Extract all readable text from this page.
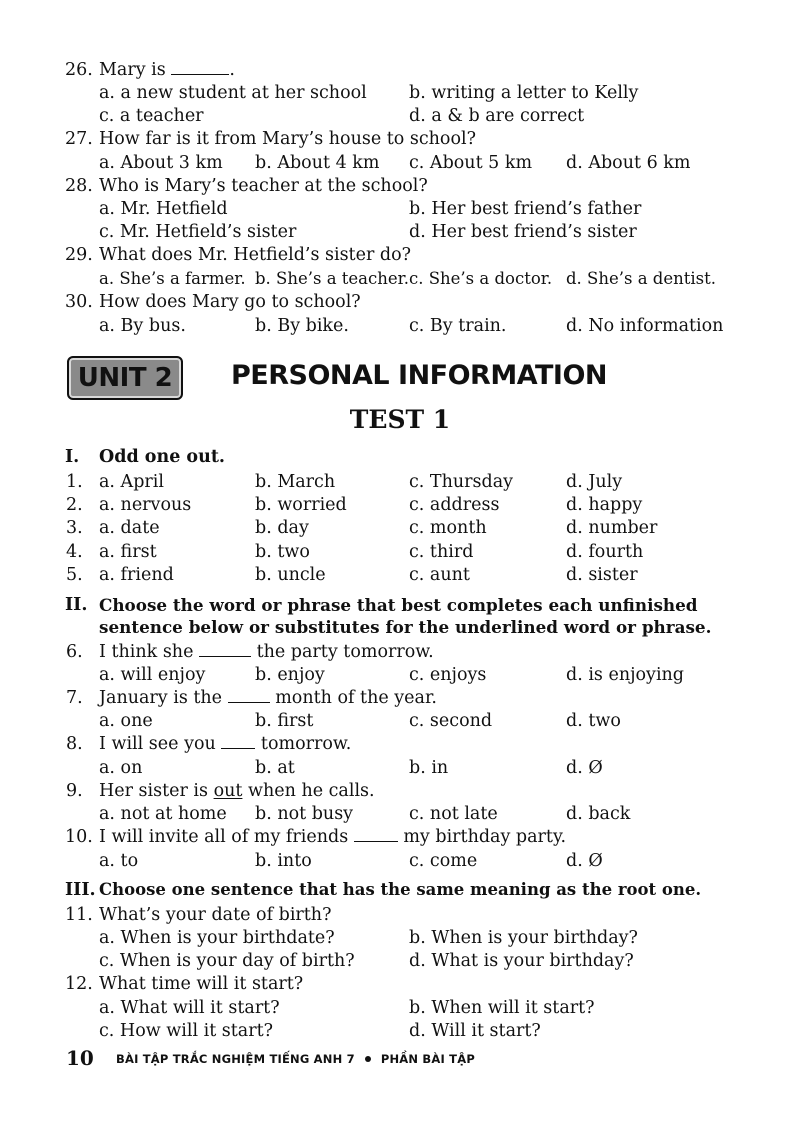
26. Mary is	.
a. a new student at her school b. writing a letter to Kelly
c. a teacher	d. a & b are correct
27. How far is it from Mary’s house to school?
a. About 3 km b. About 4 km c. About 5 km d. About 6 km
28. Who is Mary’s teacher at the school?
a. Mr. Hetfield	b. Her best friend’s father
c. Mr. Hetfield’s sister	d. Her best friend’s sister
29. What does Mr. Hetfield’s sister do?
a. She’s a farmer. b. She’s a teacher. c. She’s a doctor. d. She’s a dentist.
30. How does Mary go to school?
a. By bus.	b. By bike.	c. By train.	d. No information
UNIT 2	PERSONAL INFORMATION
TEST 1
I. Odd one out.
1. a. April	b. March	c. Thursday	d. July
2. a. nervous	b. worried	c. address	d. happy
3. a. date	b. day	c. month	d. number
4. a. first	b. two	c. third	d. fourth
5. a. friend	b. uncle	c. aunt	d. sister
II. Choose the word or phrase that best completes each unfinished
sentence below or substitutes for the underlined word or phrase.
6. I think she	the party tomorrow.
a. will enjoy	b. enjoy	c. enjoys	d. is enjoying
7. January is the	month of the year.
a. one	b. first	c. second	d. two
8. I will see you	tomorrow.
a. on	b. at	b. in	d. Ø
9. Her sister is out when he calls.
a. not at home b. not busy	c. not late	d. back
10. I will invite all of my friends	my birthday party.
a. to	b. into	c. come	d. Ø
III. Choose one sentence that has the same meaning as the root one.
11. What’s your date of birth?
a. When is your birthdate?	b. When is your birthday?
c. When is your day of birth?	d. What is your birthday?
12. What time will it start?
a. What will it start?	b. When will it start?
c. How will it start?	d. Will it start?
10 BÀI TẬP TRẮC NGHIỆM TIẾNG ANH 7 PHẦN BÀI TẬP
